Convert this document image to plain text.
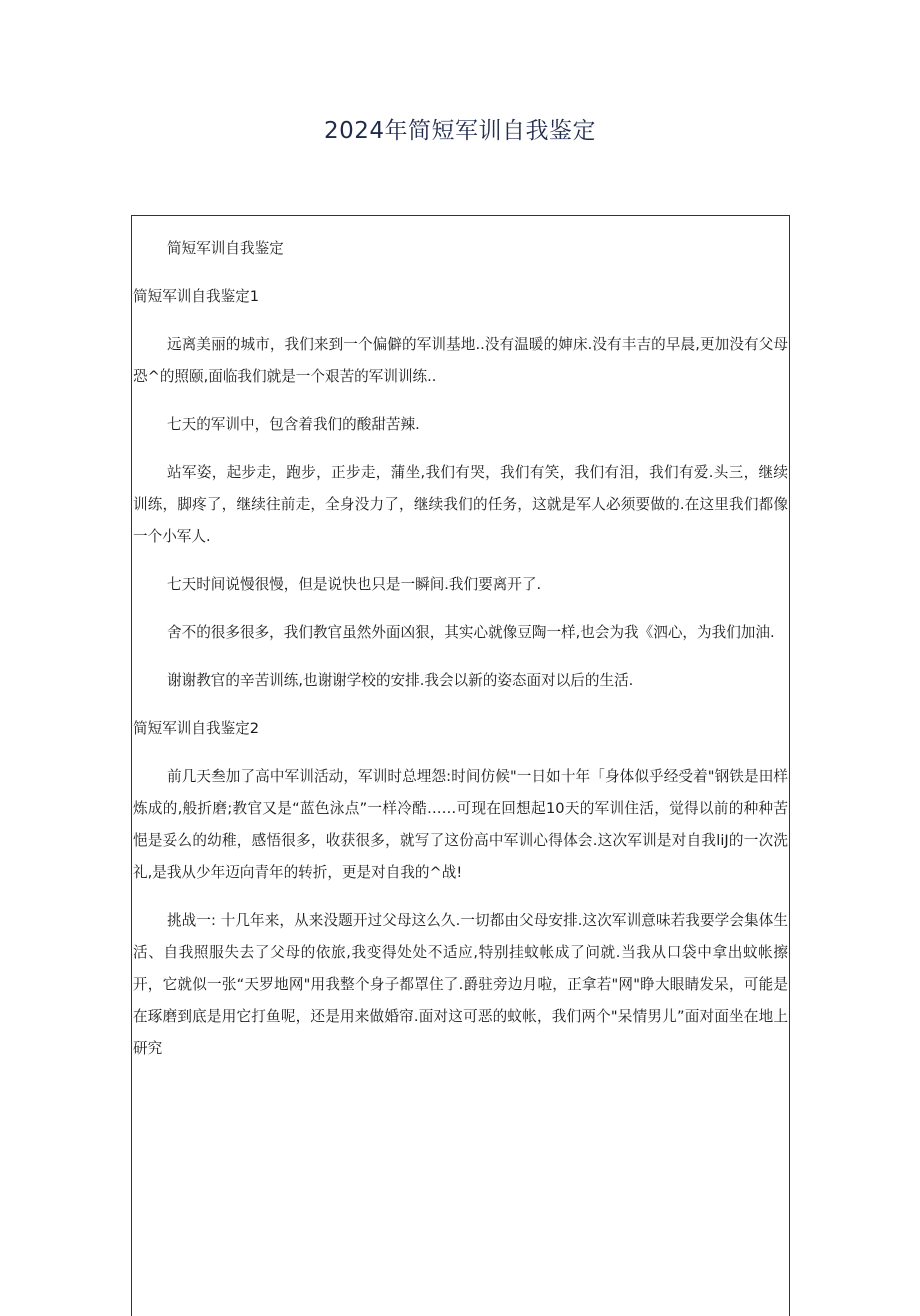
2024年简短军训自我鉴定

简短军训自我鉴定

简短军训自我鉴定1

远离美丽的城市，我们来到一个偏僻的军训基地..没有温暖的婶床.没有丰吉的早晨,更加没有父母恐^的照颐,面临我们就是一个艰苦的军训训练..

七天的军训中，包含着我们的酸甜苦辣.

站军姿，起步走，跑步，正步走，蒲坐,我们有哭，我们有笑，我们有泪，我们有爱.头三，继续训练，脚疼了，继续往前走，全身没力了，继续我们的任务，这就是军人必须要做的.在这里我们都像一个小军人.

七天时间说慢很慢，但是说快也只是一瞬间.我们要离开了.

舍不的很多很多，我们教官虽然外面凶狠，其实心就像豆陶一样,也会为我《泗心，为我们加油.

谢谢教官的辛苦训练,也谢谢学校的安排.我会以新的姿态面对以后的生活.

简短军训自我鉴定2

前几天叁加了高中军训活动，军训时总埋怨:时间仿候"一日如十年「身体似乎经受着"钢铁是田样炼成的,般折磨;教官又是“蓝色泳点”一样冷酷……可现在回想起10天的军训住活，觉得以前的种种苦悒是妥么的幼稚，感悟很多，收获很多，就写了这份高中军训心得体会.这次军训是对自我liJ的一次洗礼,是我从少年迈向青年的转折，更是对自我的^战!

挑战一: 十几年来，从来没题开过父母这么久.一切都由父母安排.这次军训意味若我要学会集体生活、自我照服失去了父母的依旅,我变得处处不适应,特别挂蚊帐成了问就.当我从口袋中拿出蚊帐擦开，它就似一张“天罗地网"用我整个身子都罩住了.爵驻旁边月啦，正拿若"网"睁大眼睛发呆，可能是在琢磨到底是用它打鱼呢，还是用来做婚帘.面对这可恶的蚊帐，我们两个"呆情男儿”面对面坐在地上研究
